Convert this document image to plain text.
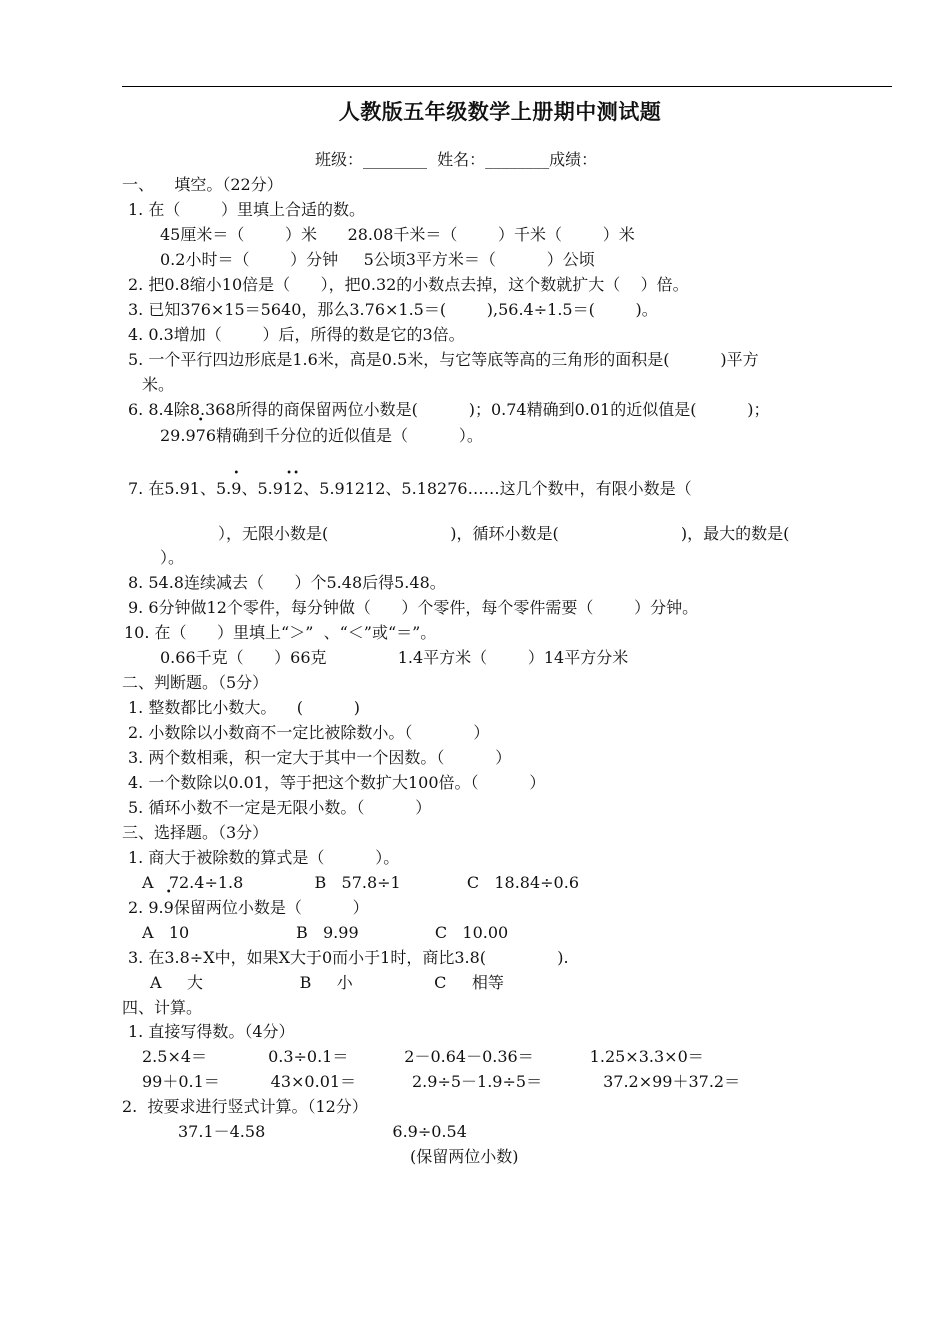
人教版五年级数学上册期中测试题
班级：________  姓名：________成绩：
一、    填空。（22分）
1. 在（        ）里填上合适的数。
45厘米＝（        ）米      28.08千米＝（        ）千米（        ）米
0.2小时＝（        ）分钟     5公顷3平方米＝（          ）公顷
2. 把0.8缩小10倍是（      ），把0.32的小数点去掉，这个数就扩大（    ）倍。
3. 已知376×15＝5640，那么3.76×1.5＝(        ),56.4÷1.5＝(        )。
4. 0.3增加（        ）后，所得的数是它的3倍。
5. 一个平行四边形底是1.6米，高是0.5米，与它等底等高的三角形的面积是(          )平方
米。
6. 8.4除8.368所得的商保留两位小数是(          )；0.74精确到0.01的近似值是(          )；
29.• 976精确到千分位的近似值是（          ）。
7. 在5.91、5.• 9、5.9•• 12、5.91212、5.18276……这几个数中，有限小数是（
），无限小数是(                        )，循环小数是(                        )，最大的数是(
）。
8. 54.8连续减去（      ）个5.48后得5.48。
9. 6分钟做12个零件，每分钟做（      ）个零件，每个零件需要（        ）分钟。
10. 在（      ）里填上“＞”  、“＜”或“＝”。
0.66千克（      ）66克              1.4平方米（        ）14平方分米
二、判断题。（5分）
1. 整数都比小数大。    (          )
2. 小数除以小数商不一定比被除数小。（            ）
3. 两个数相乘，积一定大于其中一个因数。（          ）
4. 一个数除以0.01，等于把这个数扩大100倍。（          ）
5. 循环小数不一定是无限小数。（          ）
三、选择题。（3分）
1. 商大于被除数的算式是（          ）。
A   72.4÷1.8              B   57.8÷1             C   18.84÷0.6
2. 9.• 9保留两位小数是（          ）
A   10                     B   9.99               C   10.00
3. 在3.8÷X中，如果X大于0而小于1时，商比3.8(              ).
A     大                   B     小                C     相等
四、计算。
1. 直接写得数。（4分）
2.5×4＝            0.3÷0.1＝           2－0.64－0.36＝           1.25×3.3×0＝
99＋0.1＝          43×0.01＝           2.9÷5－1.9÷5＝            37.2×99＋37.2＝
2.  按要求进行竖式计算。（12分）
37.1－4.58                         6.9÷0.54
(保留两位小数)
